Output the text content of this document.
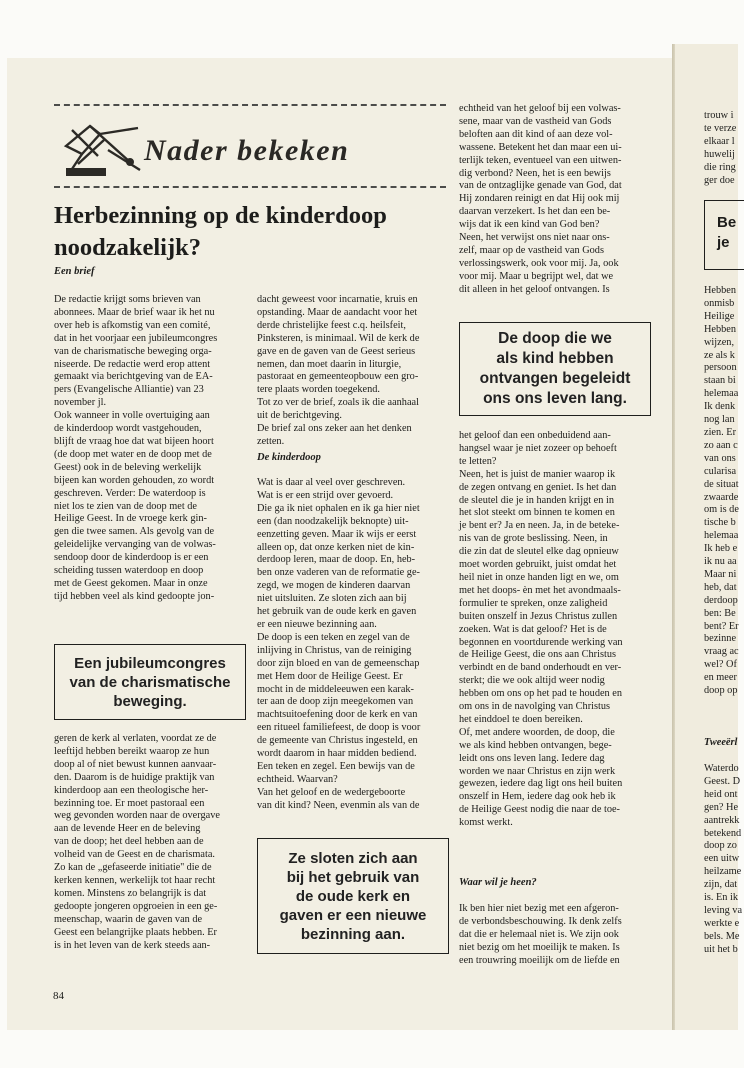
Nader bekeken
Herbezinning op de kinderdoop
noodzakelijk?
Een brief

De redactie krijgt soms brieven van

abonnees. Maar de brief waar ik het nu

over heb is afkomstig van een comité,

dat in het voorjaar een jubileumcongres

van de charismatische beweging orga-

niseerde. De redactie werd erop attent

gemaakt via berichtgeving van de EA-

pers (Evangelische Alliantie) van 23

november jl.

Ook wanneer in volle overtuiging aan

de kinderdoop wordt vastgehouden,

blijft de vraag hoe dat wat bijeen hoort

(de doop met water en de doop met de

Geest) ook in de beleving werkelijk

bijeen kan worden gehouden, zo wordt

geschreven. Verder: De waterdoop is

niet los te zien van de doop met de

Heilige Geest. In de vroege kerk gin-

gen die twee samen. Als gevolg van de

geleidelijke vervanging van de volwas-

sendoop door de kinderdoop is er een

scheiding tussen waterdoop en doop

met de Geest gekomen. Maar in onze

tijd hebben veel als kind gedoopte jon-

Een jubileumcongres
van de charismatische
beweging.

geren de kerk al verlaten, voordat ze de

leeftijd hebben bereikt waarop ze hun

doop al of niet bewust kunnen aanvaar-

den. Daarom is de huidige praktijk van

kinderdoop aan een theologische her-

bezinning toe. Er moet pastoraal een

weg gevonden worden naar de overgave

aan de levende Heer en de beleving

van de doop; het deel hebben aan de

volheid van de Geest en de charismata.

Zo kan de „gefaseerde initiatie'' die de

kerken kennen, werkelijk tot haar recht

komen. Minstens zo belangrijk is dat

gedoopte jongeren opgroeien in een ge-

meenschap, waarin de gaven van de

Geest een belangrijke plaats hebben. Er

is in het leven van de kerk steeds aan-

dacht geweest voor incarnatie, kruis en

opstanding. Maar de aandacht voor het

derde christelijke feest c.q. heilsfeit,

Pinksteren, is minimaal. Wil de kerk de

gave en de gaven van de Geest serieus

nemen, dan moet daarin in liturgie,

pastoraat en gemeenteopbouw een gro-

tere plaats worden toegekend.

Tot zo ver de brief, zoals ik die aanhaal

uit de berichtgeving.

De brief zal ons zeker aan het denken

zetten.

De kinderdoop

Wat is daar al veel over geschreven.

Wat is er een strijd over gevoerd.

Die ga ik niet ophalen en ik ga hier niet

een (dan noodzakelijk beknopte) uit-

eenzetting geven. Maar ik wijs er eerst

alleen op, dat onze kerken niet de kin-

derdoop leren, maar de doop. En, heb-

ben onze vaderen van de reformatie ge-

zegd, we mogen de kinderen daarvan

niet uitsluiten. Ze sloten zich aan bij

het gebruik van de oude kerk en gaven

er een nieuwe bezinning aan.

De doop is een teken en zegel van de

inlijving in Christus, van de reiniging

door zijn bloed en van de gemeenschap

met Hem door de Heilige Geest. Er

mocht in de middeleeuwen een karak-

ter aan de doop zijn meegekomen van

machtsuitoefening door de kerk en van

een ritueel familiefeest, de doop is voor

de gemeente van Christus ingesteld, en

wordt daarom in haar midden bediend.

Een teken en zegel. Een bewijs van de

echtheid. Waarvan?

Van het geloof en de wedergeboorte

van dit kind? Neen, evenmin als van de

Ze sloten zich aan
bij het gebruik van
de oude kerk en
gaven er een nieuwe
bezinning aan.

echtheid van het geloof bij een volwas-

sene, maar van de vastheid van Gods

beloften aan dit kind of aan deze vol-

wassene. Betekent het dan maar een ui-

terlijk teken, eventueel van een uitwen-

dig verbond? Neen, het is een bewijs

van de ontzaglijke genade van God, dat

Hij zondaren reinigt en dat Hij ook mij

daarvan verzekert. Is het dan een be-

wijs dat ik een kind van God ben?

Neen, het verwijst ons niet naar ons-

zelf, maar op de vastheid van Gods

verlossingswerk, ook voor mij. Ja, ook

voor mij. Maar u begrijpt wel, dat we

dit alleen in het geloof ontvangen. Is

De doop die we
als kind hebben
ontvangen begeleidt
ons ons leven lang.

het geloof dan een onbeduidend aan-

hangsel waar je niet zozeer op behoeft

te letten?

Neen, het is juist de manier waarop ik

de zegen ontvang en geniet. Is het dan

de sleutel die je in handen krijgt en in

het slot steekt om binnen te komen en

je bent er? Ja en neen. Ja, in de beteke-

nis van de grote beslissing. Neen, in

die zin dat de sleutel elke dag opnieuw

moet worden gebruikt, juist omdat het

heil niet in onze handen ligt en we, om

met het doops- èn met het avondmaals-

formulier te spreken, onze zaligheid

buiten onszelf in Jezus Christus zullen

zoeken. Wat is dat geloof? Het is de

begonnen en voortdurende werking van

de Heilige Geest, die ons aan Christus

verbindt en de band onderhoudt en ver-

sterkt; die we ook altijd weer nodig

hebben om ons op het pad te houden en

om ons in de navolging van Christus

het einddoel te doen bereiken.

Of, met andere woorden, de doop, die

we als kind hebben ontvangen, bege-

leidt ons ons leven lang. Iedere dag

worden we naar Christus en zijn werk

gewezen, iedere dag ligt ons heil buiten

onszelf in Hem, iedere dag ook heb ik

de Heilige Geest nodig die naar de toe-

komst werkt.

Waar wil je heen?

Ik ben hier niet bezig met een afgeron-

de verbondsbeschouwing. Ik denk zelfs

dat die er helemaal niet is. We zijn ook

niet bezig om het moeilijk te maken. Is

een trouwring moeilijk om de liefde en

trouw i

te verze

elkaar l

huwelij

die ring

ger doe

Be
je

Hebben

onmisb

Heilige

Hebben

wijzen,

ze als k

persoon

staan bi

helemaa

Ik denk

nog lan

zien. Er

zo aan c

van ons

cularisa

de situat

zwaarde

om is de

tische b

helemaa

Ik heb e

ik nu aa

Maar ni

heb, dat

derdoop

ben: Be

bent? Er

bezinne

vraag ac

wel? Of

en meer

doop op

Tweeërl

Waterdo

Geest. D

heid ont

gen? He

aantrekk

betekend

doop zo

een uitw

heilzame

zijn, dat

is. En ik

leving va

werkte e

bels. Me

uit het b

84
